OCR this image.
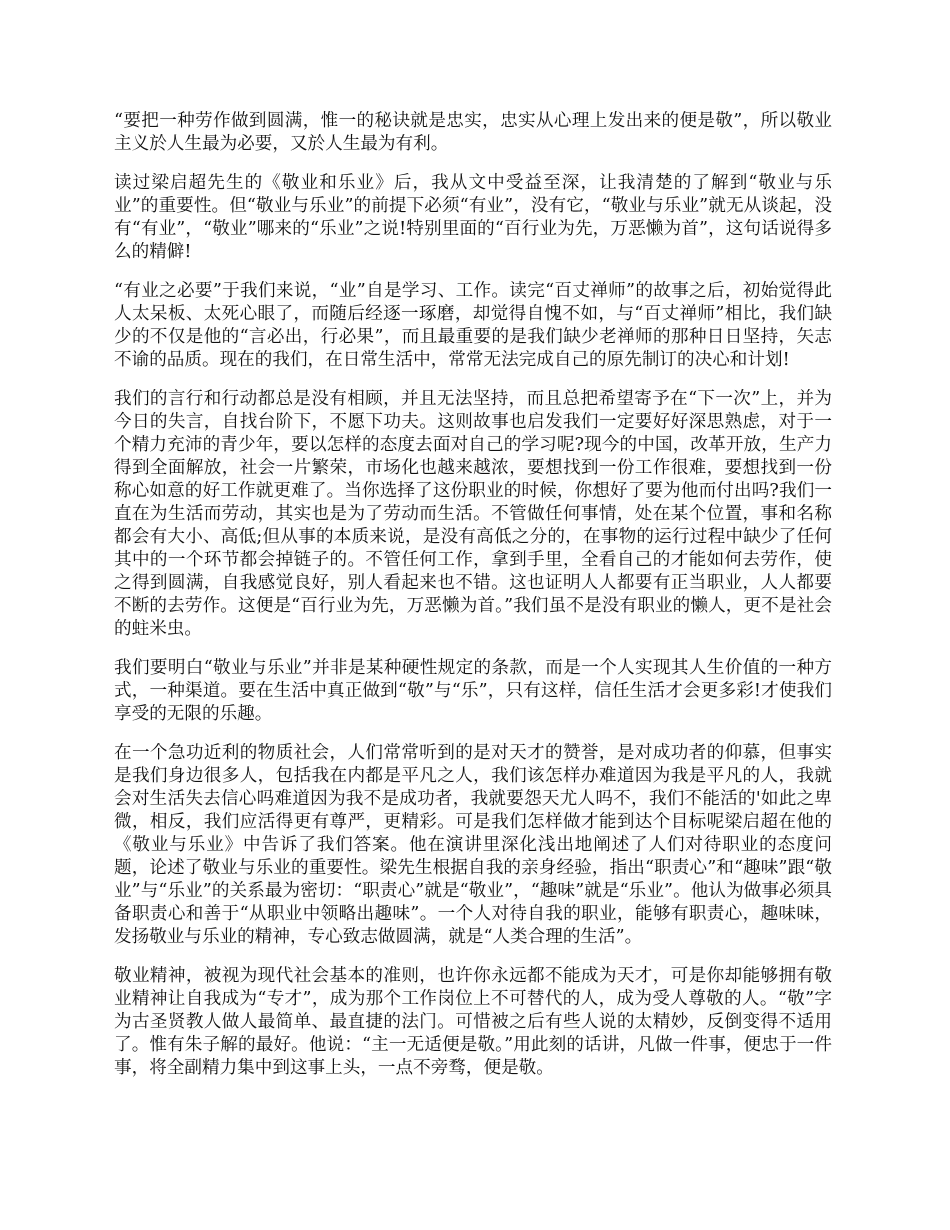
“要把一种劳作做到圆满，惟一的秘诀就是忠实，忠实从心理上发出来的便是敬”，所以敬业主义於人生最为必要，又於人生最为有利。

读过梁启超先生的《敬业和乐业》后，我从文中受益至深，让我清楚的了解到“敬业与乐业”的重要性。但“敬业与乐业”的前提下必须“有业”，没有它，“敬业与乐业”就无从谈起，没有“有业”，“敬业”哪来的“乐业”之说!特别里面的“百行业为先，万恶懒为首”，这句话说得多么的精僻!

“有业之必要”于我们来说，“业”自是学习、工作。读完“百丈禅师”的故事之后，初始觉得此人太呆板、太死心眼了，而随后经逐一琢磨，却觉得自愧不如，与“百丈禅师”相比，我们缺少的不仅是他的“言必出，行必果”，而且最重要的是我们缺少老禅师的那种日日坚持，矢志不谕的品质。现在的我们，在日常生活中，常常无法完成自己的原先制订的决心和计划!

我们的言行和行动都总是没有相顾，并且无法坚持，而且总把希望寄予在“下一次”上，并为今日的失言，自找台阶下，不愿下功夫。这则故事也启发我们一定要好好深思熟虑，对于一个精力充沛的青少年，要以怎样的态度去面对自己的学习呢?现今的中国，改革开放，生产力得到全面解放，社会一片繁荣，市场化也越来越浓，要想找到一份工作很难，要想找到一份称心如意的好工作就更难了。当你选择了这份职业的时候，你想好了要为他而付出吗?我们一直在为生活而劳动，其实也是为了劳动而生活。不管做任何事情，处在某个位置，事和名称都会有大小、高低;但从事的本质来说，是没有高低之分的，在事物的运行过程中缺少了任何其中的一个环节都会掉链子的。不管任何工作，拿到手里，全看自己的才能如何去劳作，使之得到圆满，自我感觉良好，别人看起来也不错。这也证明人人都要有正当职业，人人都要不断的去劳作。这便是“百行业为先，万恶懒为首。”我们虽不是没有职业的懒人，更不是社会的蛀米虫。

我们要明白“敬业与乐业”并非是某种硬性规定的条款，而是一个人实现其人生价值的一种方式，一种渠道。要在生活中真正做到“敬”与“乐”，只有这样，信任生活才会更多彩!才使我们享受的无限的乐趣。

在一个急功近利的物质社会，人们常常听到的是对天才的赞誉，是对成功者的仰慕，但事实是我们身边很多人，包括我在内都是平凡之人，我们该怎样办难道因为我是平凡的人，我就会对生活失去信心吗难道因为我不是成功者，我就要怨天尤人吗不，我们不能活的'如此之卑微，相反，我们应活得更有尊严，更精彩。可是我们怎样做才能到达个目标呢梁启超在他的《敬业与乐业》中告诉了我们答案。他在演讲里深化浅出地阐述了人们对待职业的态度问题，论述了敬业与乐业的重要性。梁先生根据自我的亲身经验，指出“职责心”和“趣味”跟“敬业”与“乐业”的关系最为密切：“职责心”就是“敬业”，“趣味”就是“乐业”。他认为做事必须具备职责心和善于“从职业中领略出趣味”。一个人对待自我的职业，能够有职责心，趣味味，发扬敬业与乐业的精神，专心致志做圆满，就是“人类合理的生活”。

敬业精神，被视为现代社会基本的准则，也许你永远都不能成为天才，可是你却能够拥有敬业精神让自我成为“专才”，成为那个工作岗位上不可替代的人，成为受人尊敬的人。“敬”字为古圣贤教人做人最简单、最直捷的法门。可惜被之后有些人说的太精妙，反倒变得不适用了。惟有朱子解的最好。他说：“主一无适便是敬。”用此刻的话讲，凡做一件事，便忠于一件事，将全副精力集中到这事上头，一点不旁骛，便是敬。
